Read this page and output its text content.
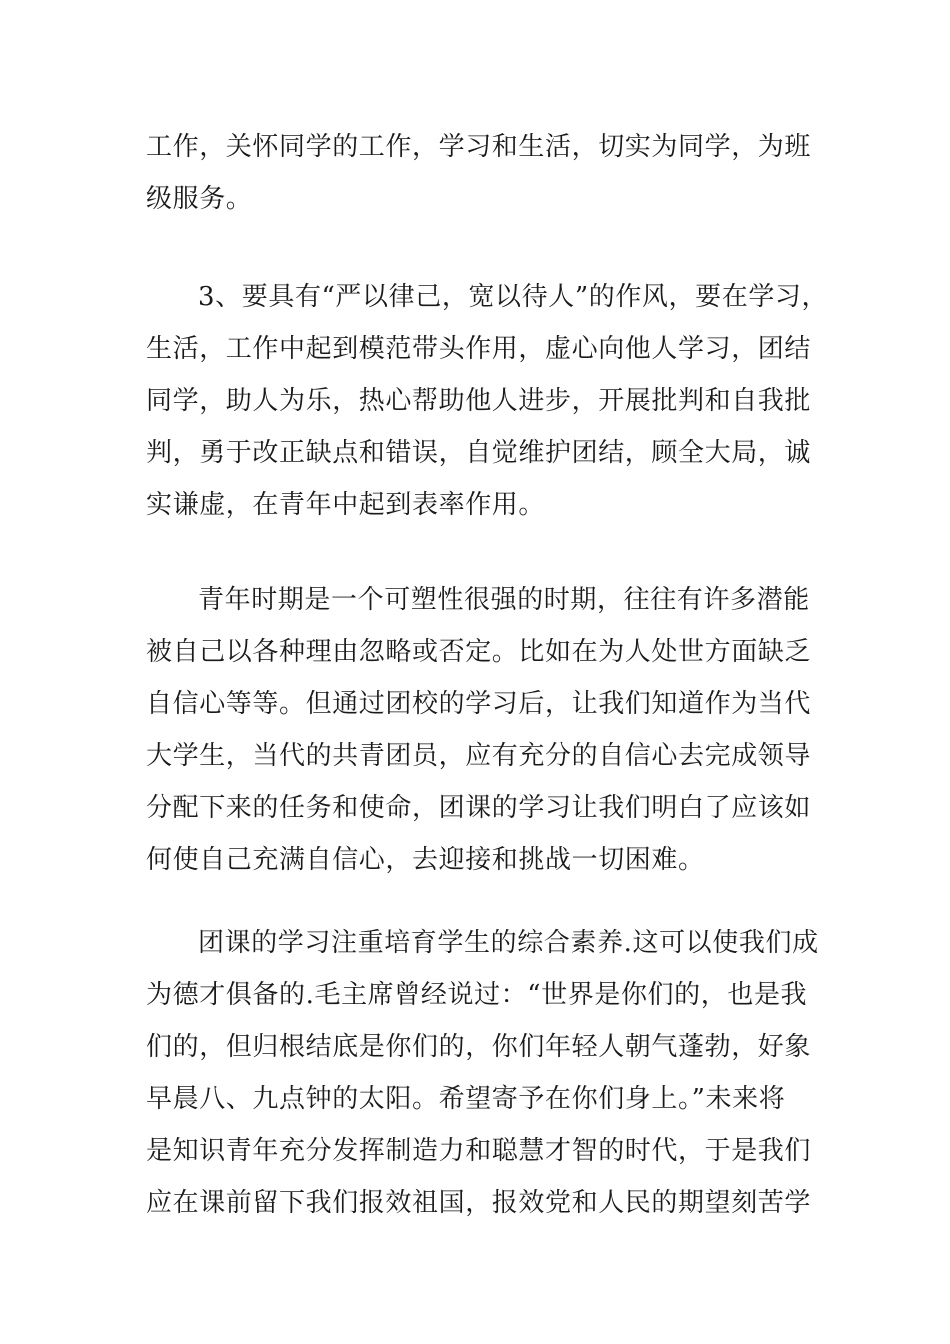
工作，关怀同学的工作，学习和生活，切实为同学，为班
级服务。
3、要具有“严以律己，宽以待人”的作风，要在学习，
生活，工作中起到模范带头作用，虚心向他人学习，团结
同学，助人为乐，热心帮助他人进步，开展批判和自我批
判，勇于改正缺点和错误，自觉维护团结，顾全大局，诚
实谦虚，在青年中起到表率作用。
青年时期是一个可塑性很强的时期，往往有许多潜能
被自己以各种理由忽略或否定。比如在为人处世方面缺乏
自信心等等。但通过团校的学习后，让我们知道作为当代
大学生，当代的共青团员，应有充分的自信心去完成领导
分配下来的任务和使命，团课的学习让我们明白了应该如
何使自己充满自信心，去迎接和挑战一切困难。
团课的学习注重培育学生的综合素养.这可以使我们成
为德才俱备的.毛主席曾经说过：“世界是你们的，也是我
们的，但归根结底是你们的，你们年轻人朝气蓬勃，好象
早晨八、九点钟的太阳。希望寄予在你们身上。”未来将
是知识青年充分发挥制造力和聪慧才智的时代，于是我们
应在课前留下我们报效祖国，报效党和人民的期望刻苦学
